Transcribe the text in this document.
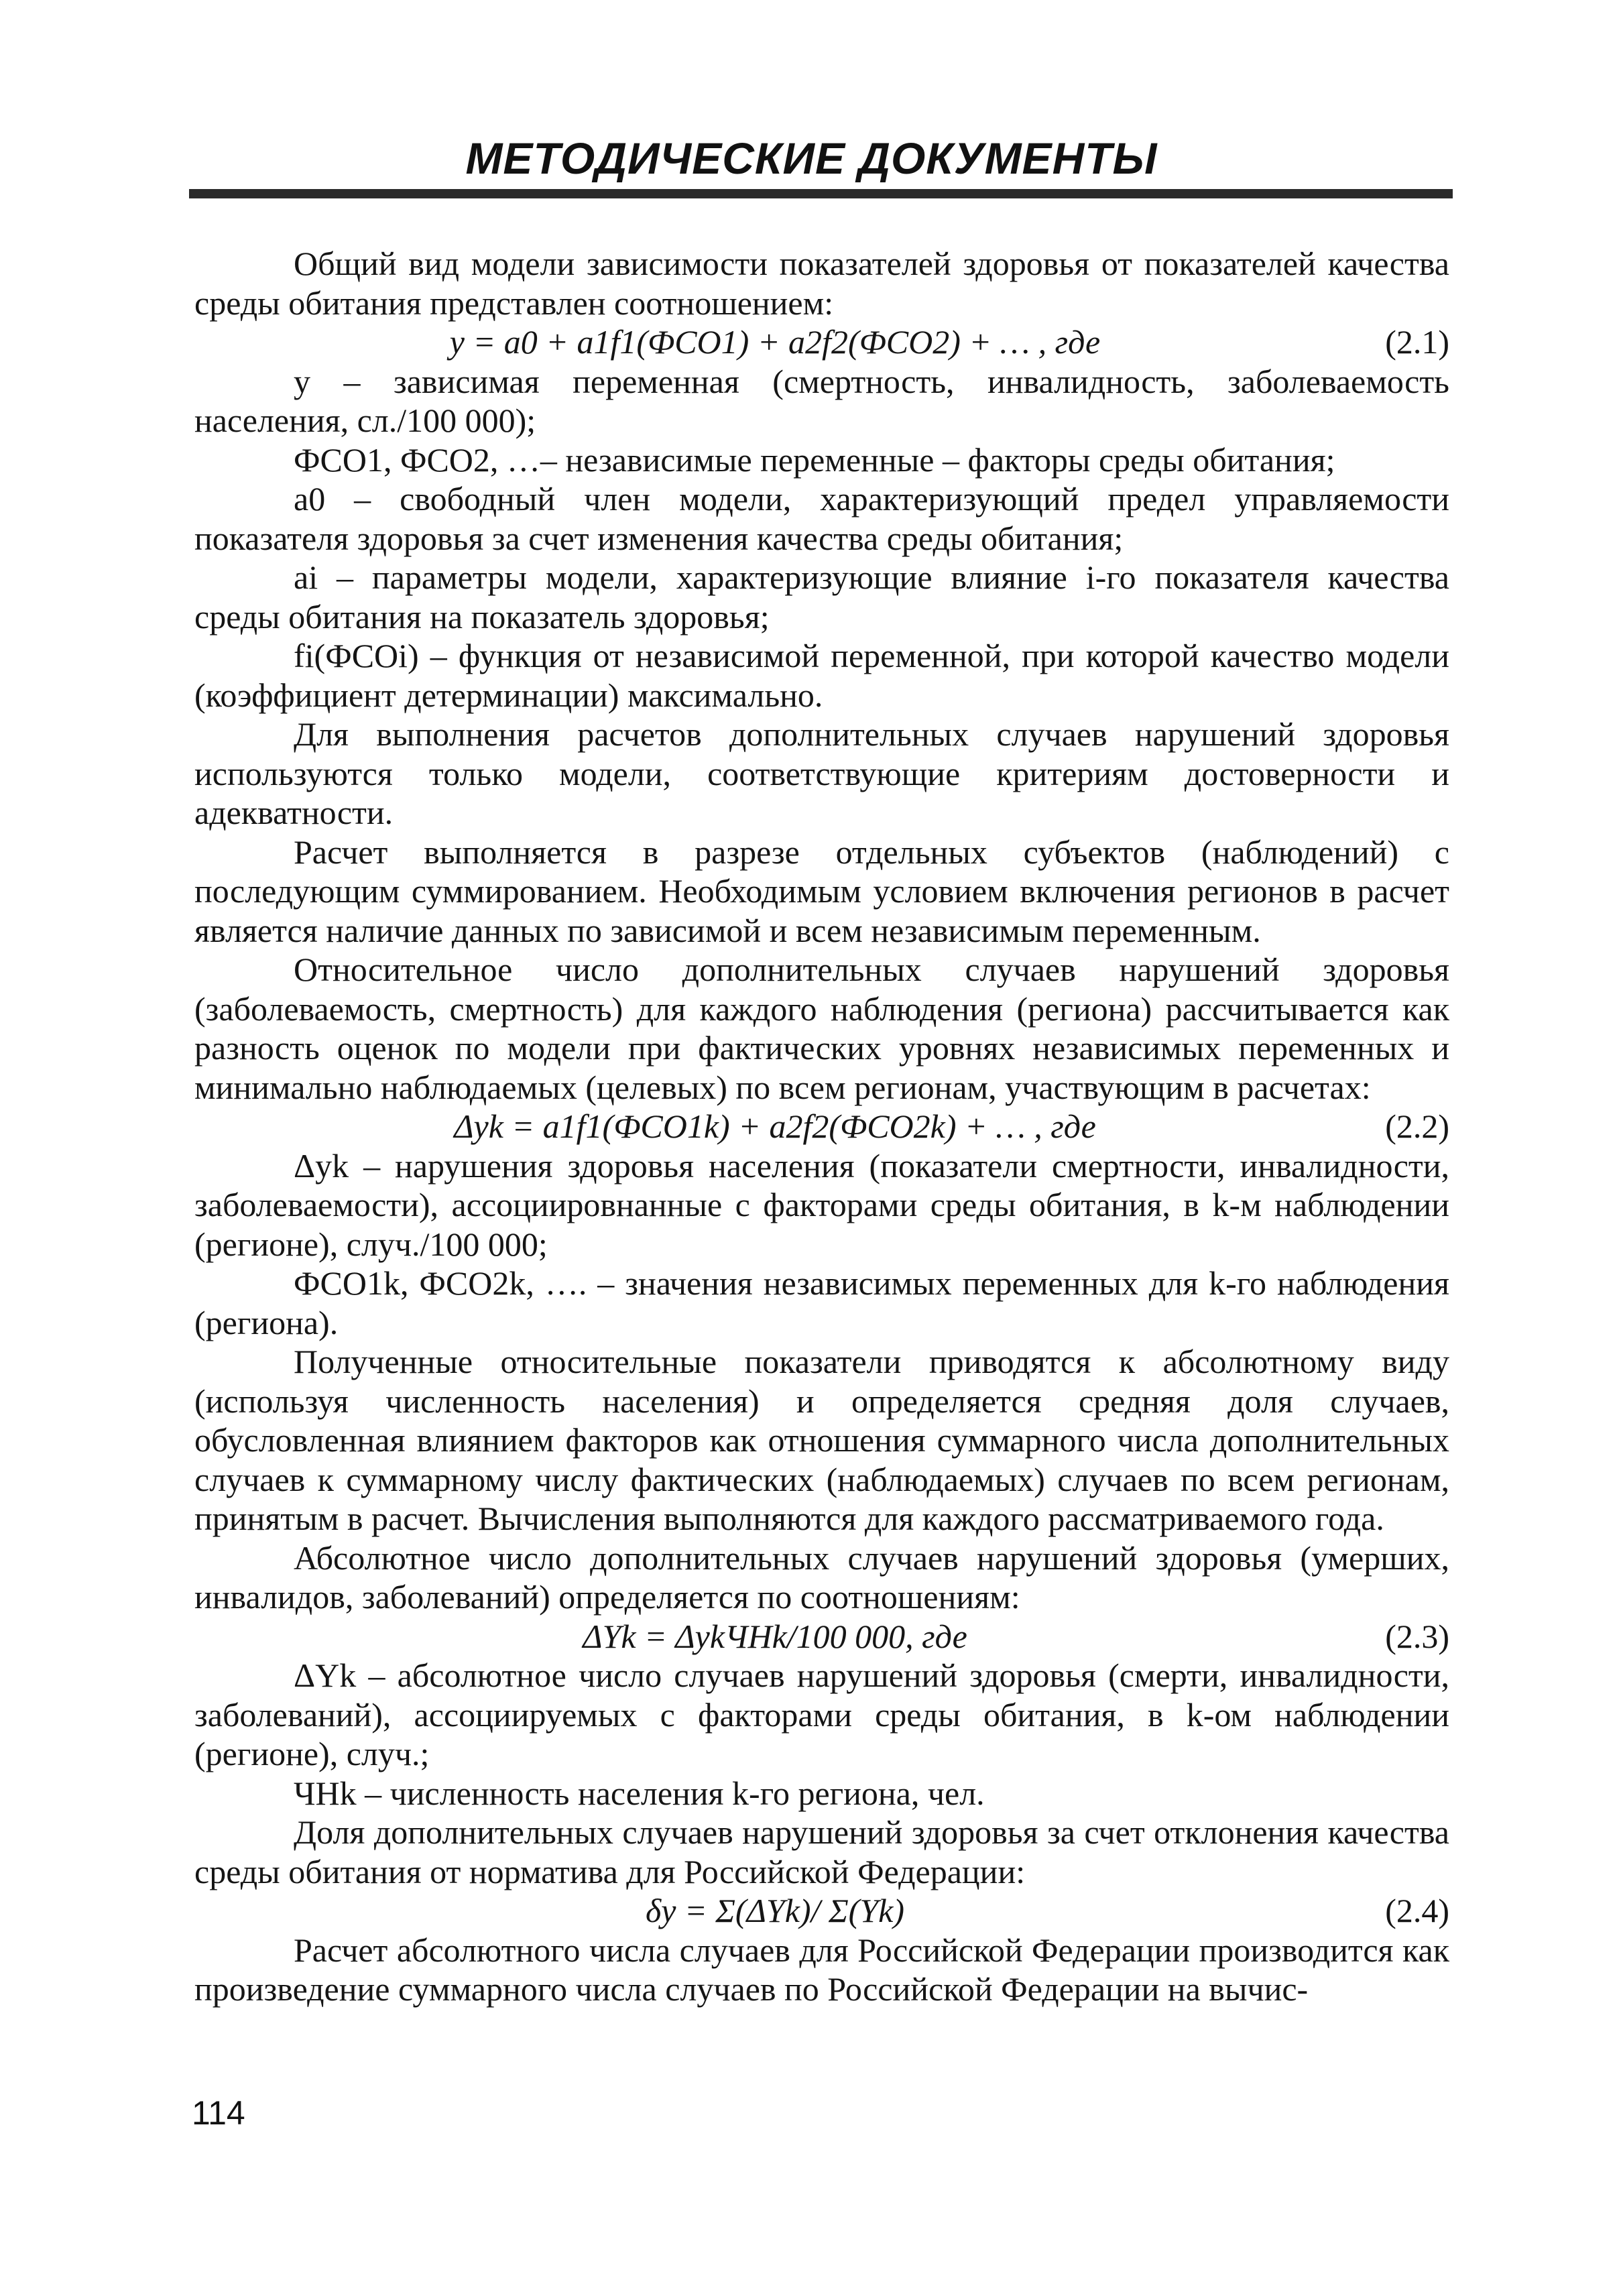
МЕТОДИЧЕСКИЕ ДОКУМЕНТЫ

Общий вид модели зависимости показателей здоровья от показателей качества среды обитания представлен соотношением:

y = a0 + a1f1(ФСО1) + a2f2(ФСО2) + … , где	(2.1)

y – зависимая переменная (смертность, инвалидность, заболеваемость населения, сл./100 000);

ФСО1, ФСО2, …– независимые переменные – факторы среды обитания;

a0 – свободный член модели, характеризующий предел управляемости показателя здоровья за счет изменения качества среды обитания;

ai – параметры модели, характеризующие влияние i-го показателя качества среды обитания на показатель здоровья;

fi(ФСОi) – функция от независимой переменной, при которой качество модели (коэффициент детерминации) максимально.

Для выполнения расчетов дополнительных случаев нарушений здоровья используются только модели, соответствующие критериям достоверности и адекватности.

Расчет выполняется в разрезе отдельных субъектов (наблюдений) с последующим суммированием. Необходимым условием включения регионов в расчет является наличие данных по зависимой и всем независимым переменным.

Относительное число дополнительных случаев нарушений здоровья (заболеваемость, смертность) для каждого наблюдения (региона) рассчитывается как разность оценок по модели при фактических уровнях независимых переменных и минимально наблюдаемых (целевых) по всем регионам, участвующим в расчетах:

Δyk = a1f1(ФСО1k) + a2f2(ФСО2k) + … , где	(2.2)

Δyk – нарушения здоровья населения (показатели смертности, инвалидности, заболеваемости), ассоциировнанные с факторами среды обитания, в k-м наблюдении (регионе), случ./100 000;

ФСО1k, ФСО2k, …. – значения независимых переменных для k-го наблюдения (региона).

Полученные относительные показатели приводятся к абсолютному виду (используя численность населения) и определяется средняя доля случаев, обусловленная влиянием факторов как отношения суммарного числа дополнительных случаев к суммарному числу фактических (наблюдаемых) случаев по всем регионам, принятым в расчет. Вычисления выполняются для каждого рассматриваемого года.

Абсолютное число дополнительных случаев нарушений здоровья (умерших, инвалидов, заболеваний) определяется по соотношениям:

ΔYk = ΔykЧНk/100 000, где	(2.3)

ΔYk – абсолютное число случаев нарушений здоровья (смерти, инвалидности, заболеваний), ассоциируемых с факторами среды обитания, в k-ом наблюдении (регионе), случ.;

ЧНk – численность населения k-го региона, чел.

Доля дополнительных случаев нарушений здоровья за счет отклонения качества среды обитания от норматива для Российской Федерации:

δy = Σ(ΔYk)/ Σ(Yk)	(2.4)

Расчет абсолютного числа случаев для Российской Федерации производится как произведение суммарного числа случаев по Российской Федерации на вычис-

114
